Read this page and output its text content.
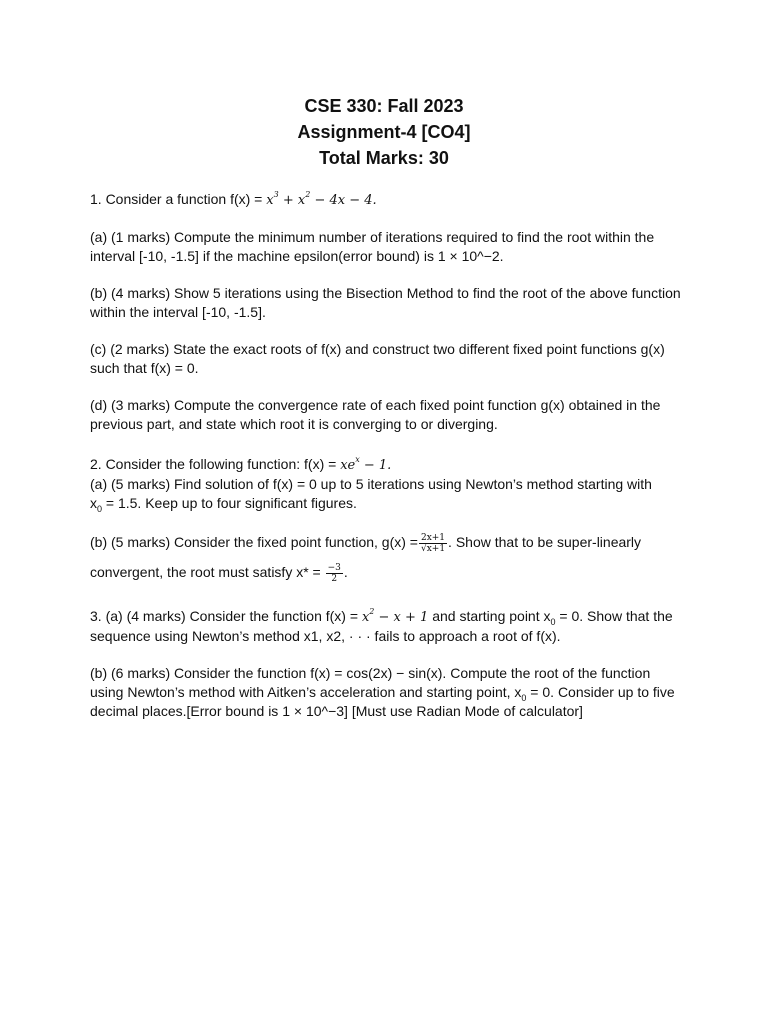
CSE 330: Fall 2023
Assignment-4 [CO4]
Total Marks: 30

1. Consider a function $f(x) = x^3 + x^2 - 4x - 4$.

(a) (1 marks) Compute the minimum number of iterations required to find the root within the interval [-10, -1.5] if the machine epsilon(error bound) is 1 × 10^−2.

(b) (4 marks) Show 5 iterations using the Bisection Method to find the root of the above function within the interval [-10, -1.5].

(c) (2 marks) State the exact roots of f(x) and construct two different fixed point functions g(x) such that f(x) = 0.

(d) (3 marks) Compute the convergence rate of each fixed point function g(x) obtained in the previous part, and state which root it is converging to or diverging.

2. Consider the following function: $f(x) = xe^x - 1$.

(a) (5 marks) Find solution of f(x) = 0 up to 5 iterations using Newton’s method starting with
$x_0 = 1.5$. Keep up to four significant figures.

(b) (5 marks) Consider the fixed point function, $g(x) = \frac{2x+1}{√x+1}$ . Show that to be super-linearly
convergent, the root must satisfy $x* = \frac{-3}{2}$ .

3. (a) (4 marks) Consider the function $f(x) = x^2 - x + 1$ and starting point $x_0 = 0$. Show that the
sequence using Newton’s method x1, x2, · · · fails to approach a root of f(x).

(b) (6 marks) Consider the function f(x) = cos(2x) − sin(x). Compute the root of the function
using Newton’s method with Aitken’s acceleration and starting point, $x_0 = 0$. Consider up to five
decimal places.[Error bound is 1 × 10^−3] [Must use Radian Mode of calculator]
